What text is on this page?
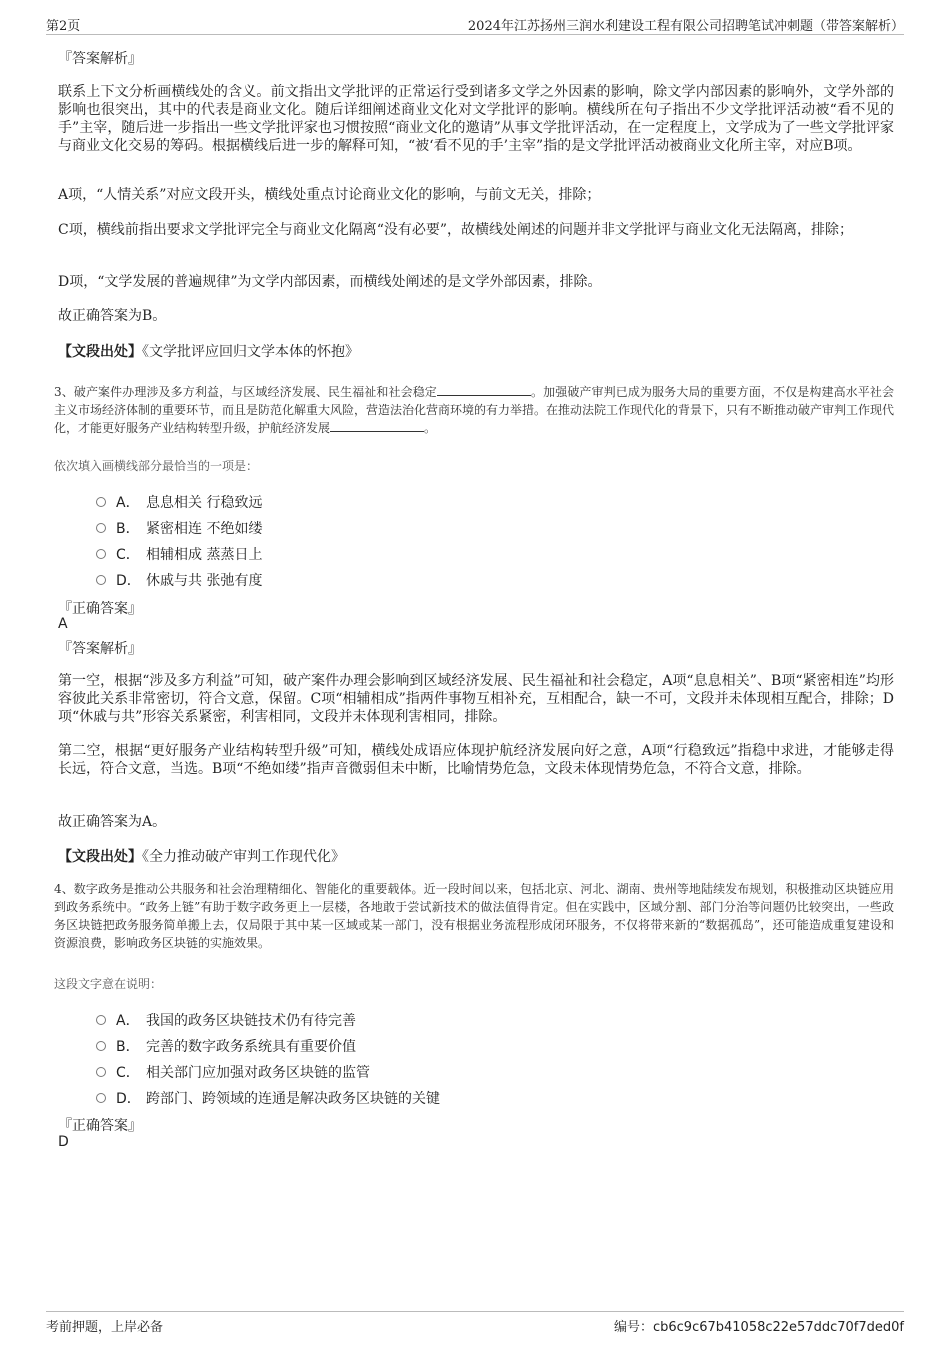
第2页	2024年江苏扬州三润水利建设工程有限公司招聘笔试冲刺题（带答案解析）
『答案解析』

联系上下文分析画横线处的含义。前文指出文学批评的正常运行受到诸多文学之外因素的影响，除文学内部因素的影响外，文学外部的影响也很突出，其中的代表是商业文化。随后详细阐述商业文化对文学批评的影响。横线所在句子指出不少文学批评活动被“看不见的手”主宰，随后进一步指出一些文学批评家也习惯按照“商业文化的邀请”从事文学批评活动，在一定程度上，文学成为了一些文学批评家与商业文化交易的筹码。根据横线后进一步的解释可知，“被‘看不见的手’主宰”指的是文学批评活动被商业文化所主宰，对应B项。

A项，“人情关系”对应文段开头，横线处重点讨论商业文化的影响，与前文无关，排除；

C项，横线前指出要求文学批评完全与商业文化隔离“没有必要”，故横线处阐述的问题并非文学批评与商业文化无法隔离，排除；

D项，“文学发展的普遍规律”为文学内部因素，而横线处阐述的是文学外部因素，排除。

故正确答案为B。

【文段出处】《文学批评应回归文学本体的怀抱》

3、破产案件办理涉及多方利益，与区域经济发展、民生福祉和社会稳定	。加强破产审判已成为服务大局的重要方面，不仅是构建高水平社会主义市场经济体制的重要环节，而且是防范化解重大风险，营造法治化营商环境的有力举措。在推动法院工作现代化的背景下，只有不断推动破产审判工作现代化，才能更好服务产业结构转型升级，护航经济发展	。

依次填入画横线部分最恰当的一项是：
A． 息息相关 行稳致远
B． 紧密相连 不绝如缕
C． 相辅相成 蒸蒸日上
D． 休戚与共 张弛有度
『正确答案』
A
『答案解析』

第一空，根据“涉及多方利益”可知，破产案件办理会影响到区域经济发展、民生福祉和社会稳定，A项“息息相关”、B项“紧密相连”均形容彼此关系非常密切，符合文意，保留。C项“相辅相成”指两件事物互相补充，互相配合，缺一不可，文段并未体现相互配合，排除；D项“休戚与共”形容关系紧密，利害相同，文段并未体现利害相同，排除。

第二空，根据“更好服务产业结构转型升级”可知，横线处成语应体现护航经济发展向好之意，A项“行稳致远”指稳中求进，才能够走得长远，符合文意，当选。B项“不绝如缕”指声音微弱但未中断，比喻情势危急，文段未体现情势危急，不符合文意，排除。

故正确答案为A。

【文段出处】《全力推动破产审判工作现代化》

4、数字政务是推动公共服务和社会治理精细化、智能化的重要载体。近一段时间以来，包括北京、河北、湖南、贵州等地陆续发布规划，积极推动区块链应用到政务系统中。“政务上链”有助于数字政务更上一层楼，各地敢于尝试新技术的做法值得肯定。但在实践中，区域分割、部门分治等问题仍比较突出，一些政务区块链把政务服务简单搬上去，仅局限于其中某一区域或某一部门，没有根据业务流程形成闭环服务，不仅将带来新的“数据孤岛”，还可能造成重复建设和资源浪费，影响政务区块链的实施效果。

这段文字意在说明：
A． 我国的政务区块链技术仍有待完善
B． 完善的数字政务系统具有重要价值
C． 相关部门应加强对政务区块链的监管
D． 跨部门、跨领域的连通是解决政务区块链的关键
『正确答案』
D
考前押题，上岸必备	编号：cb6c9c67b41058c22e57ddc70f7ded0f
